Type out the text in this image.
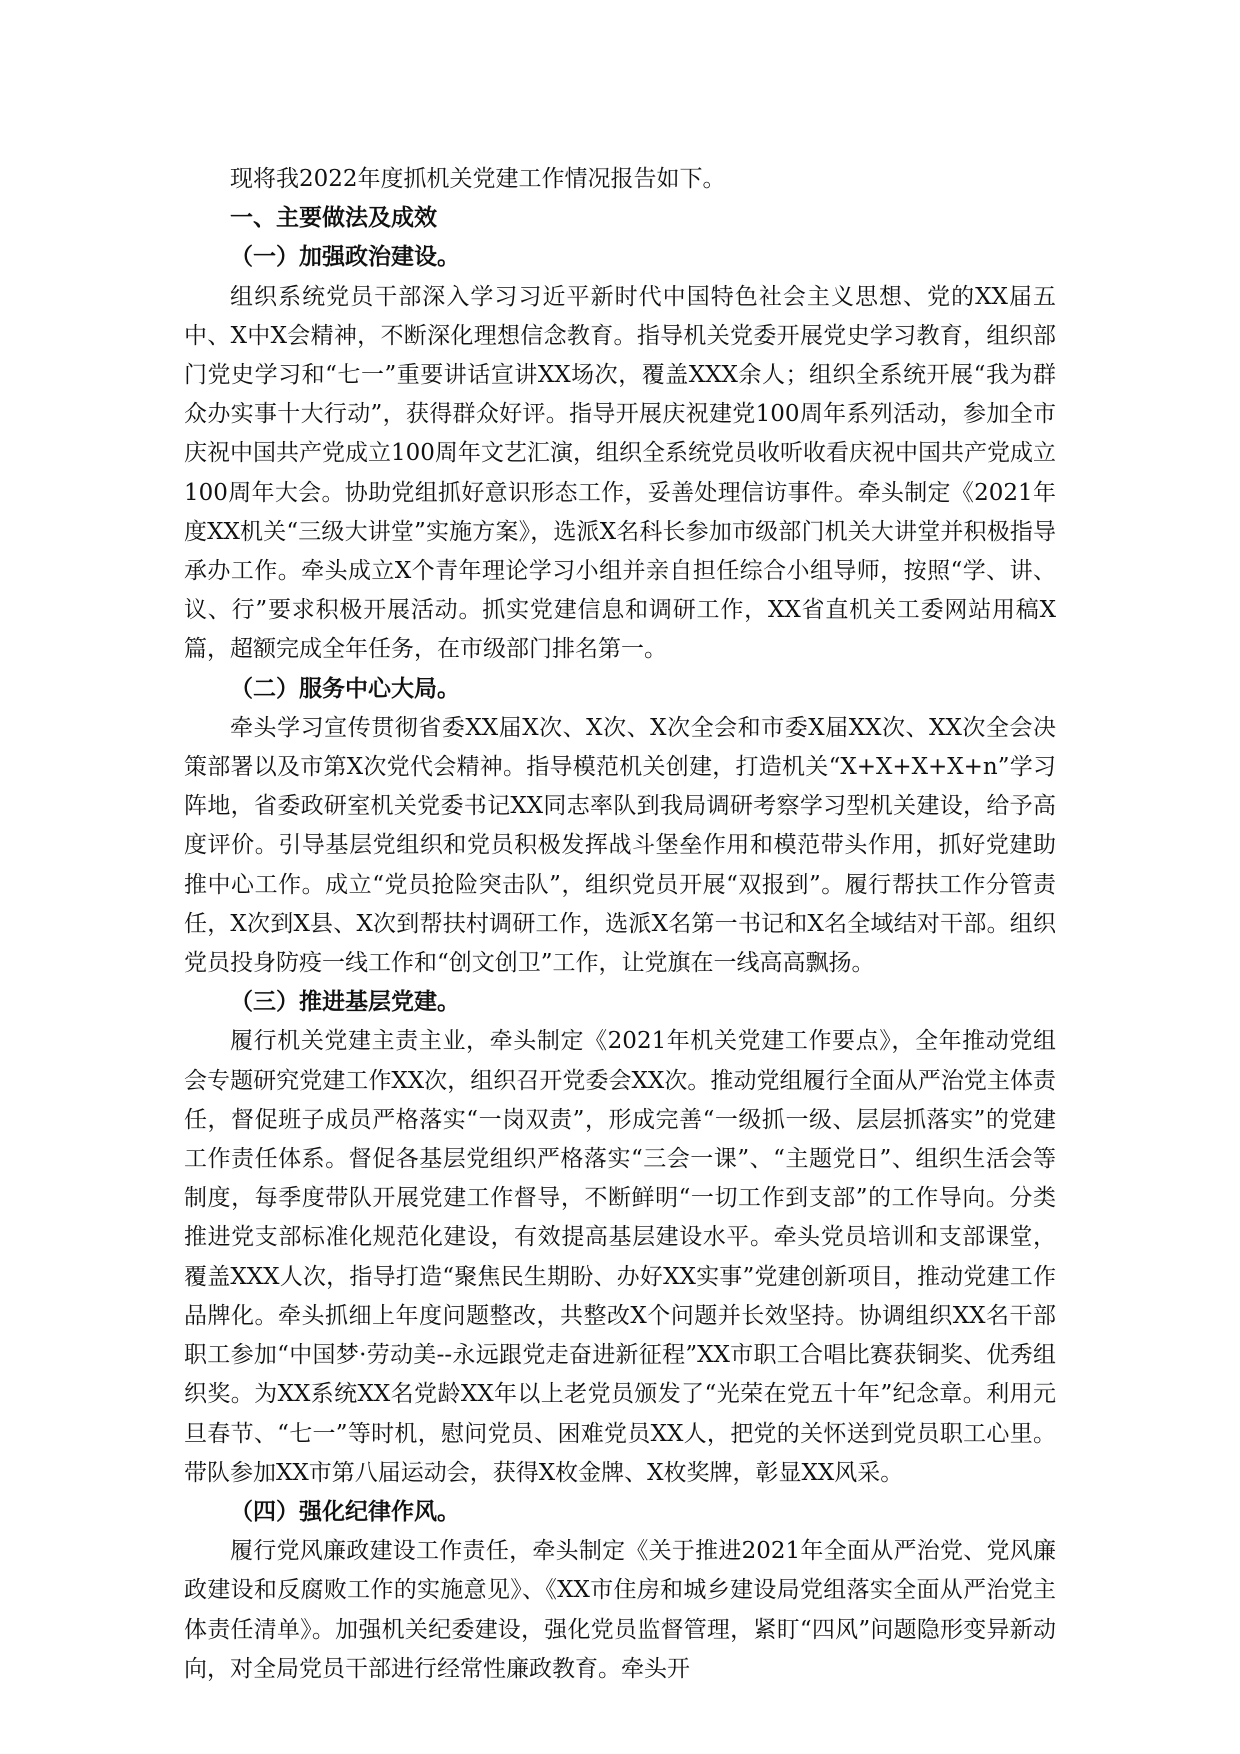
现将我2022年度抓机关党建工作情况报告如下。

一、主要做法及成效

（一）加强政治建设。

组织系统党员干部深入学习习近平新时代中国特色社会主义思想、党的XX届五中、X中X会精神，不断深化理想信念教育。指导机关党委开展党史学习教育，组织部门党史学习和“七一”重要讲话宣讲XX场次，覆盖XXX余人；组织全系统开展“我为群众办实事十大行动”，获得群众好评。指导开展庆祝建党100周年系列活动，参加全市庆祝中国共产党成立100周年文艺汇演，组织全系统党员收听收看庆祝中国共产党成立100周年大会。协助党组抓好意识形态工作，妥善处理信访事件。牵头制定《2021年度XX机关“三级大讲堂”实施方案》，选派X名科长参加市级部门机关大讲堂并积极指导承办工作。牵头成立X个青年理论学习小组并亲自担任综合小组导师，按照“学、讲、议、行”要求积极开展活动。抓实党建信息和调研工作，XX省直机关工委网站用稿X篇，超额完成全年任务，在市级部门排名第一。

（二）服务中心大局。

牵头学习宣传贯彻省委XX届X次、X次、X次全会和市委X届XX次、XX次全会决策部署以及市第X次党代会精神。指导模范机关创建，打造机关“X+X+X+X+n”学习阵地，省委政研室机关党委书记XX同志率队到我局调研考察学习型机关建设，给予高度评价。引导基层党组织和党员积极发挥战斗堡垒作用和模范带头作用，抓好党建助推中心工作。成立“党员抢险突击队”，组织党员开展“双报到”。履行帮扶工作分管责任，X次到X县、X次到帮扶村调研工作，选派X名第一书记和X名全域结对干部。组织党员投身防疫一线工作和“创文创卫”工作，让党旗在一线高高飘扬。

（三）推进基层党建。

履行机关党建主责主业，牵头制定《2021年机关党建工作要点》，全年推动党组会专题研究党建工作XX次，组织召开党委会XX次。推动党组履行全面从严治党主体责任，督促班子成员严格落实“一岗双责”，形成完善“一级抓一级、层层抓落实”的党建工作责任体系。督促各基层党组织严格落实“三会一课”、“主题党日”、组织生活会等制度，每季度带队开展党建工作督导，不断鲜明“一切工作到支部”的工作导向。分类推进党支部标准化规范化建设，有效提高基层建设水平。牵头党员培训和支部课堂，覆盖XXX人次，指导打造“聚焦民生期盼、办好XX实事”党建创新项目，推动党建工作品牌化。牵头抓细上年度问题整改，共整改X个问题并长效坚持。协调组织XX名干部职工参加“中国梦·劳动美--永远跟党走奋进新征程”XX市职工合唱比赛获铜奖、优秀组织奖。为XX系统XX名党龄XX年以上老党员颁发了“光荣在党五十年”纪念章。利用元旦春节、“七一”等时机，慰问党员、困难党员XX人，把党的关怀送到党员职工心里。带队参加XX市第八届运动会，获得X枚金牌、X枚奖牌，彰显XX风采。

（四）强化纪律作风。

履行党风廉政建设工作责任，牵头制定《关于推进2021年全面从严治党、党风廉政建设和反腐败工作的实施意见》、《XX市住房和城乡建设局党组落实全面从严治党主体责任清单》。加强机关纪委建设，强化党员监督管理，紧盯“四风”问题隐形变异新动向，对全局党员干部进行经常性廉政教育。牵头开
